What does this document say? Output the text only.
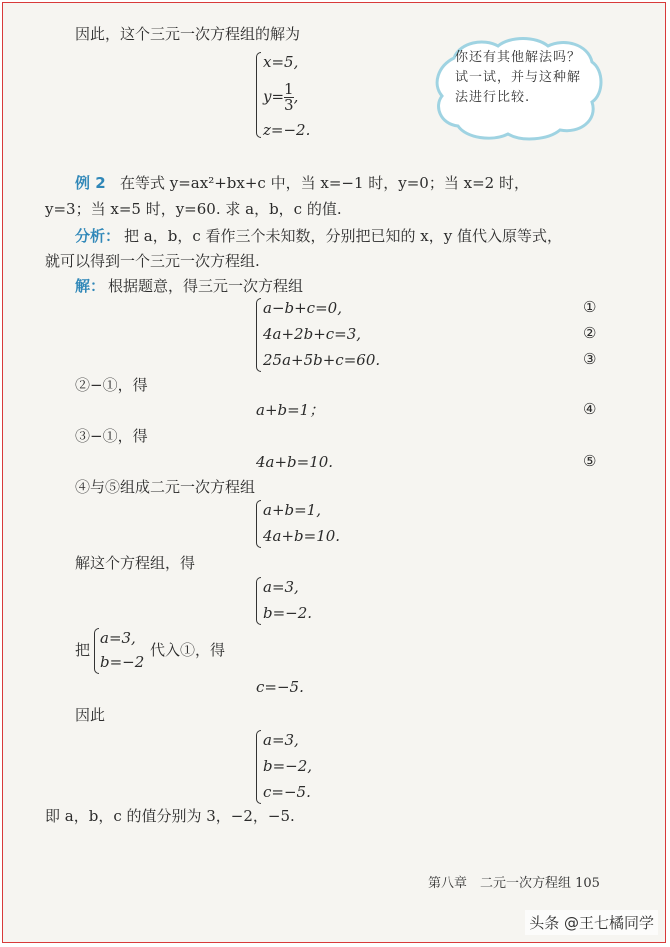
因此，这个三元一次方程组的解为
x=5,
$y= \frac{1}{3}$ ,
z=−2.
你还有其他解法吗？试一试，并与这种解法进行比较.
例 2 在等式 y=ax²+bx+c 中，当 x=−1 时，y=0；当 x=2 时，
y=3；当 x=5 时，y=60. 求 a，b，c 的值.
分析： 把 a，b，c 看作三个未知数，分别把已知的 x，y 值代入原等式，
就可以得到一个三元一次方程组.
解： 根据题意，得三元一次方程组
a−b+c=0,
4a+2b+c=3,
25a+5b+c=60.
①
②
③
②−①，得
a+b=1；	④
③−①，得
4a+b=10.	⑤
④与⑤组成二元一次方程组
a+b=1,
4a+b=10.
解这个方程组，得
a=3,
b=−2.
把
a=3,
b=−2
代入①，得
c=−5.
因此
a=3,
b=−2,
c=−5.
即 a，b，c 的值分别为 3，−2，−5.
第八章　二元一次方程组 105
头条 @王七橘同学
